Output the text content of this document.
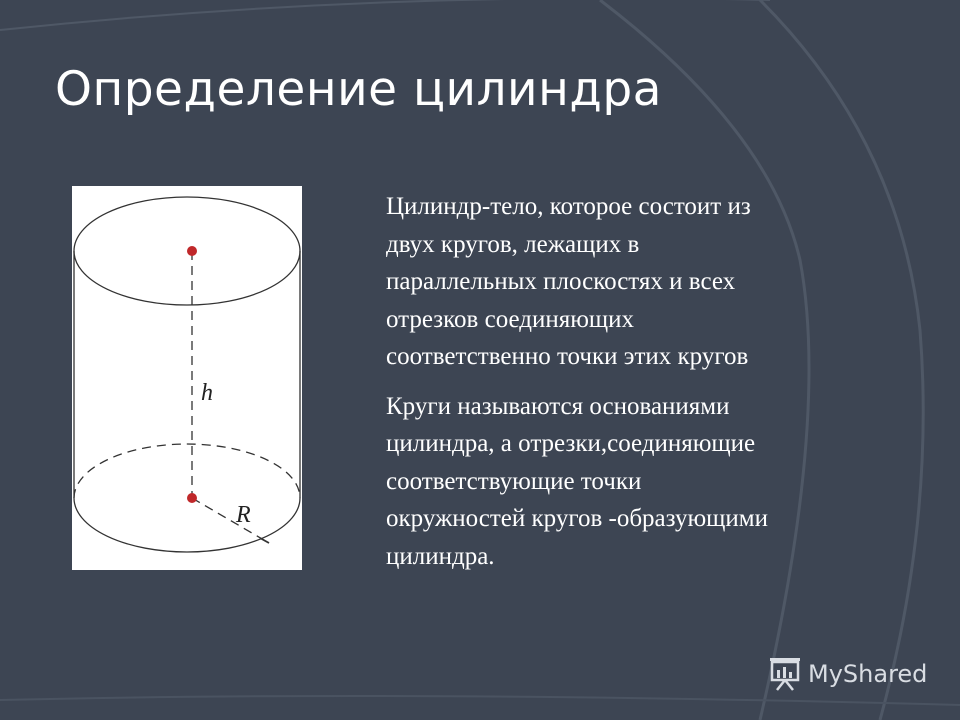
Определение цилиндра
h
R

Цилиндр-тело, которое состоит из
двух кругов, лежащих в
параллельных плоскостях и всех
отрезков соединяющих
соответственно точки этих кругов

Круги называются основаниями
цилиндра, а отрезки,соединяющие
соответствующие точки
окружностей кругов -образующими
цилиндра.

MyShared
